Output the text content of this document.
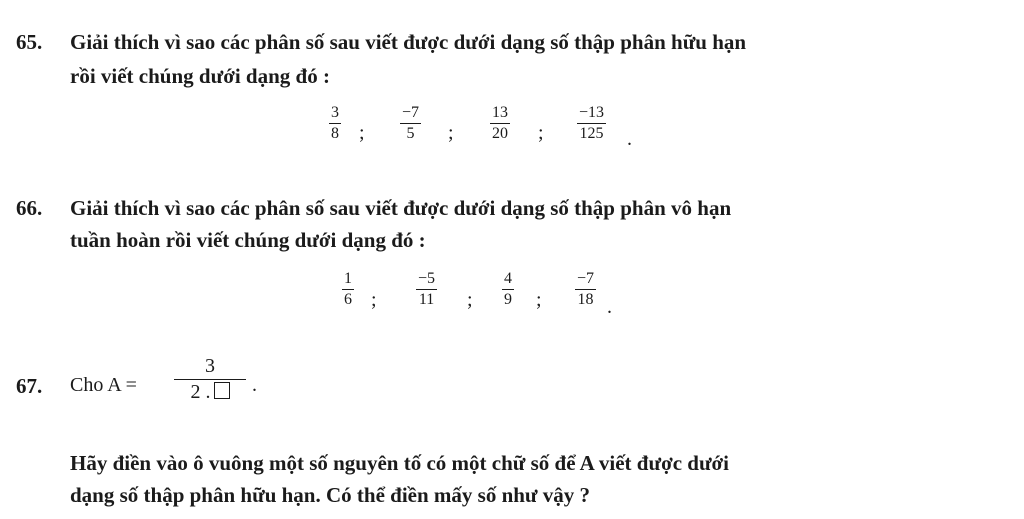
65. Giải thích vì sao các phân số sau viết được dưới dạng số thập phân hữu hạn
rồi viết chúng dưới dạng đó :
3
8 ;
−7
5	;
13
20 ;
−13
125 .
66. Giải thích vì sao các phân số sau viết được dưới dạng số thập phân vô hạn
tuần hoàn rồi viết chúng dưới dạng đó :
1
6 ;
−5
11 ;
4
9 ;
−7
18 .
67. Cho A =
3
2 .	.
Hãy điền vào ô vuông một số nguyên tố có một chữ số để A viết được dưới
dạng số thập phân hữu hạn. Có thể điền mấy số như vậy ?
